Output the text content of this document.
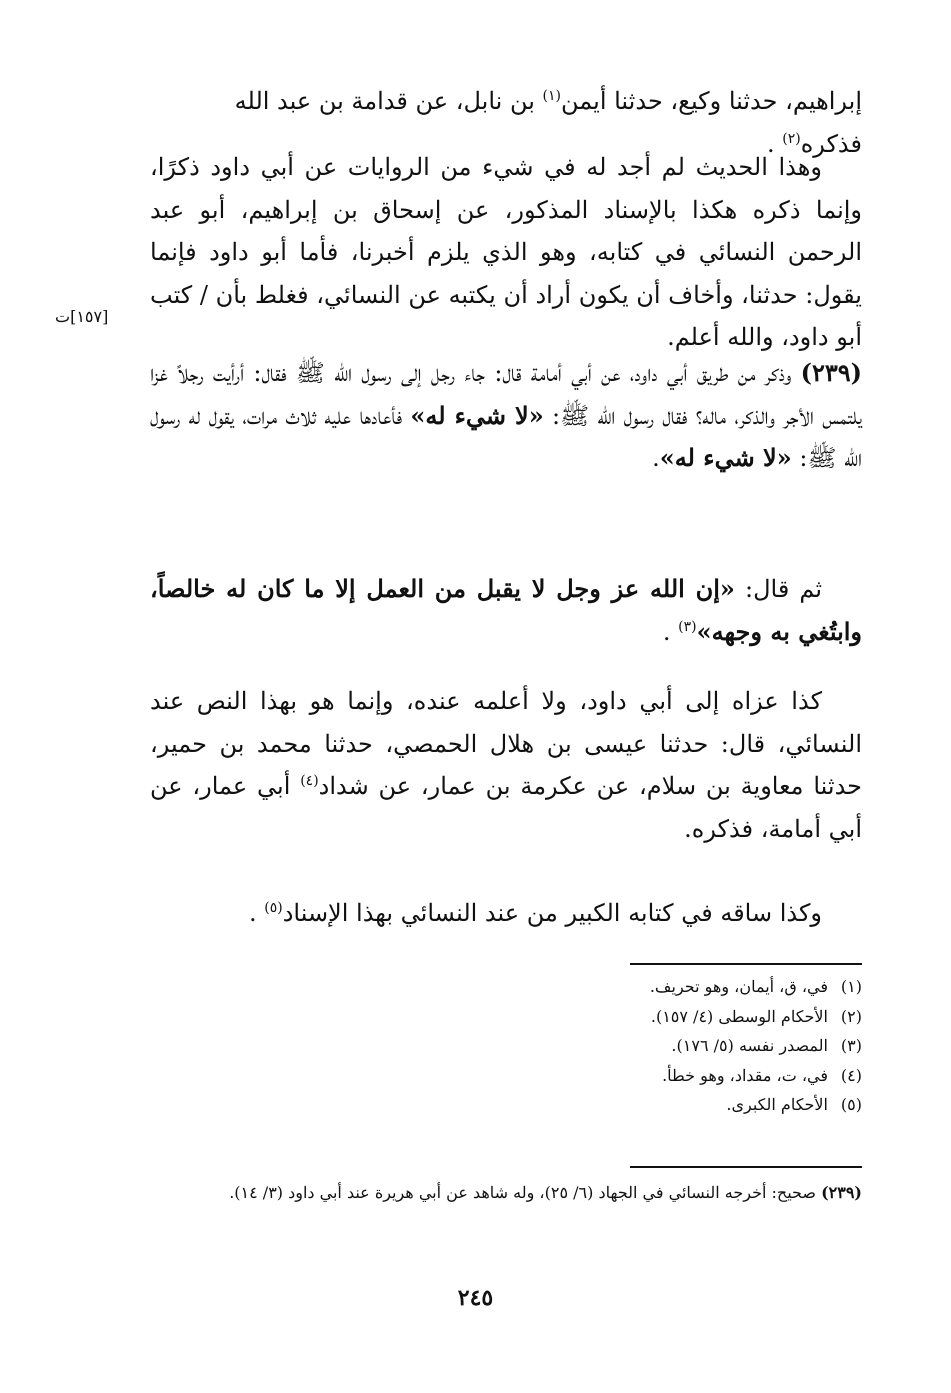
إبراهيم، حدثنا وكيع، حدثنا أيمن$^{(١)}$ بن نابل، عن قدامة بن عبد الله فذكره$^{(٢)}$ .

وهذا الحديث لم أجد له في شيء من الروايات عن أبي داود ذكرًا، وإنما ذكره هكذا بالإسناد المذكور، عن إسحاق بن إبراهيم، أبو عبد الرحمن النسائي في كتابه، وهو الذي يلزم أخبرنا، فأما أبو داود فإنما يقول: حدثنا، وأخاف أن يكون أراد أن يكتبه عن النسائي، فغلط بأن / كتب أبو داود، والله أعلم.

[١٥٧]ت

(٢٣٩) وذكر من طريق أبي داود، عن أبي أمامة قال: جاء رجل إلى رسول الله ﷺ فقال: أرأيت رجلاً غزا يلتمس الأجر والذكر، ماله؟ فقال رسول الله ﷺ: «لا شيء له» فأعادها عليه ثلاث مرات، يقول له رسول الله ﷺ: «لا شيء له».

ثم قال: «إن الله عز وجل لا يقبل من العمل إلا ما كان له خالصاً، وابتُغي به وجهه»$^{(٣)}$ .

كذا عزاه إلى أبي داود، ولا أعلمه عنده، وإنما هو بهذا النص عند النسائي، قال: حدثنا عيسى بن هلال الحمصي، حدثنا محمد بن حمير، حدثنا معاوية بن سلام، عن عكرمة بن عمار، عن شداد$^{(٤)}$ أبي عمار، عن أبي أمامة، فذكره.

وكذا ساقه في كتابه الكبير من عند النسائي بهذا الإسناد$^{(٥)}$ .

(١)في، ق، أيمان، وهو تحريف.

(٢)الأحكام الوسطى (٤/ ١٥٧).

(٣)المصدر نفسه (٥/ ١٧٦).

(٤)في، ت، مقداد، وهو خطأ.

(٥)الأحكام الكبرى.

(٢٣٩) صحيح: أخرجه النسائي في الجهاد (٦/ ٢٥)، وله شاهد عن أبي هريرة عند أبي داود (٣/ ١٤).
٢٤٥
